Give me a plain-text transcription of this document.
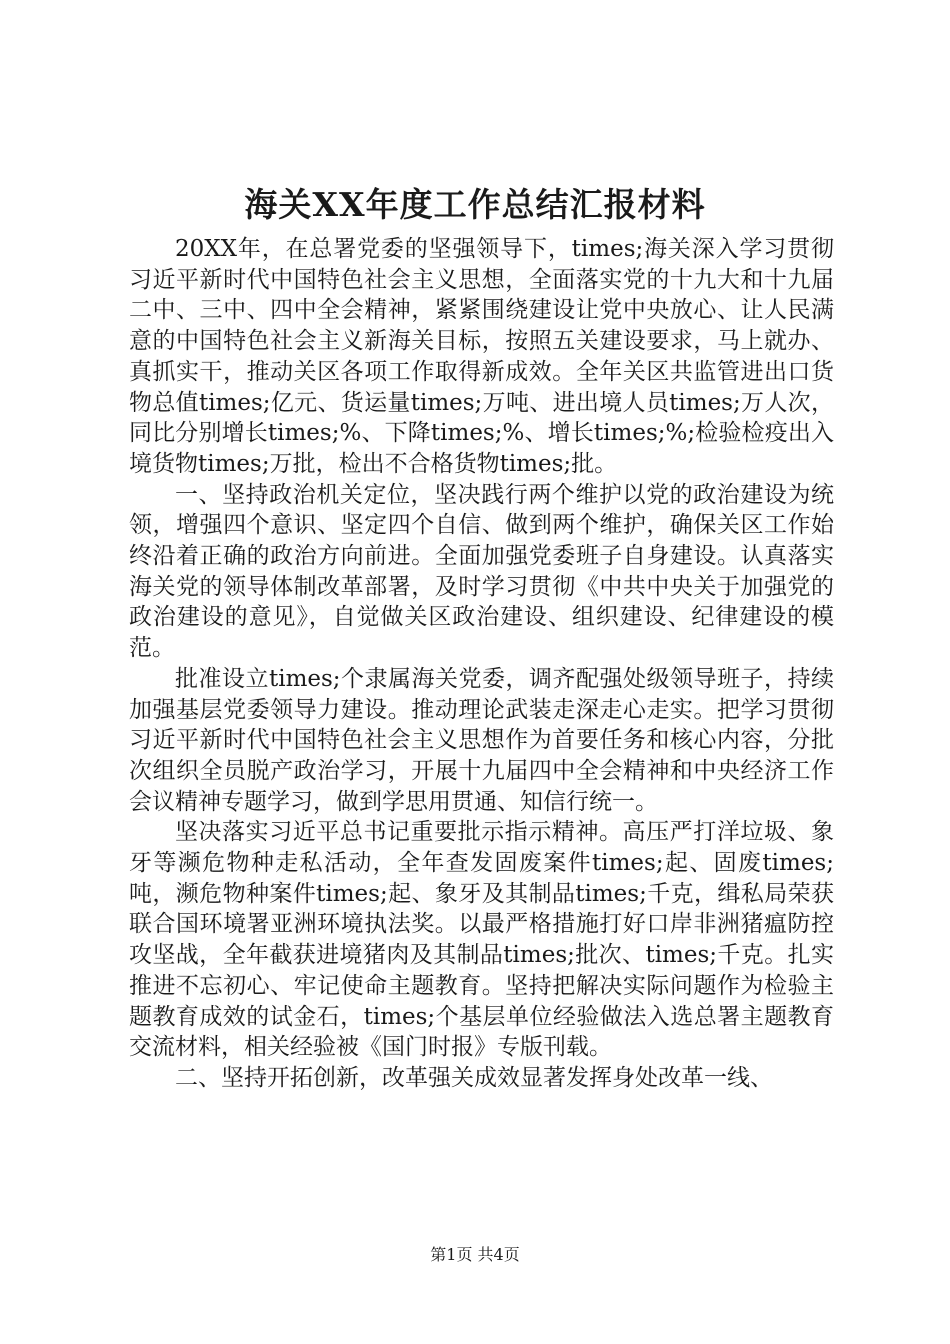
海关XX年度工作总结汇报材料

20XX年，在总署党委的坚强领导下，times;海关深入学习贯彻习近平新时代中国特色社会主义思想，全面落实党的十九大和十九届二中、三中、四中全会精神，紧紧围绕建设让党中央放心、让人民满意的中国特色社会主义新海关目标，按照五关建设要求，马上就办、真抓实干，推动关区各项工作取得新成效。全年关区共监管进出口货物总值times;亿元、货运量times;万吨、进出境人员times;万人次，同比分别增长times;%、下降times;%、增长times;%;检验检疫出入境货物times;万批，检出不合格货物times;批。

一、坚持政治机关定位，坚决践行两个维护以党的政治建设为统领，增强四个意识、坚定四个自信、做到两个维护，确保关区工作始终沿着正确的政治方向前进。全面加强党委班子自身建设。认真落实海关党的领导体制改革部署，及时学习贯彻《中共中央关于加强党的政治建设的意见》，自觉做关区政治建设、组织建设、纪律建设的模范。

批准设立times;个隶属海关党委，调齐配强处级领导班子，持续加强基层党委领导力建设。推动理论武装走深走心走实。把学习贯彻习近平新时代中国特色社会主义思想作为首要任务和核心内容，分批次组织全员脱产政治学习，开展十九届四中全会精神和中央经济工作会议精神专题学习，做到学思用贯通、知信行统一。

坚决落实习近平总书记重要批示指示精神。高压严打洋垃圾、象牙等濒危物种走私活动，全年查发固废案件times;起、固废times;吨，濒危物种案件times;起、象牙及其制品times;千克，缉私局荣获联合国环境署亚洲环境执法奖。以最严格措施打好口岸非洲猪瘟防控攻坚战，全年截获进境猪肉及其制品times;批次、times;千克。扎实推进不忘初心、牢记使命主题教育。坚持把解决实际问题作为检验主题教育成效的试金石，times;个基层单位经验做法入选总署主题教育交流材料，相关经验被《国门时报》专版刊载。

二、坚持开拓创新，改革强关成效显著发挥身处改革一线、

第1页 共4页
